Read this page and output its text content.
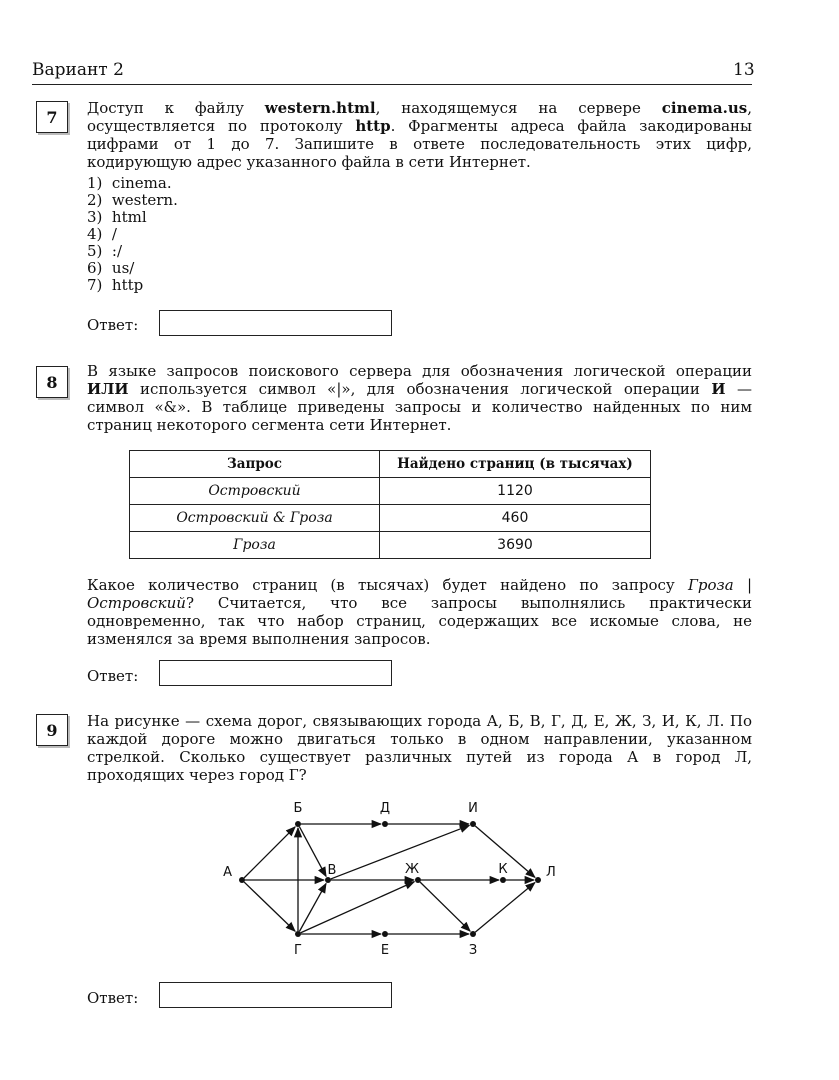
Вариант 2	13
7	Доступ к файлу western.html, находящемуся на сервере cinema.us, осуществляется по протоколу http. Фрагменты адреса файла закодированы цифрами от 1 до 7. Запишите в ответе последовательность этих цифр, кодирующую адрес указанного файла в сети Интернет.
1)  cinema.
2)  western.
3)  html
4)  /
5)  :/
6)  us/
7)  http
Ответ:
8
В языке запросов поискового сервера для обозначения логической операции ИЛИ используется символ «|», для обозначения логической операции И — символ «&». В таблице приведены запросы и количество найденных по ним страниц некоторого сегмента сети Интернет.
Запрос	Найдено страниц (в тысячах)
Островский	1120
Островский & Гроза	460
Гроза	3690
Какое количество страниц (в тысячах) будет найдено по запросу Гроза | Островский? Считается, что все запросы выполнялись практически одновременно, так что набор страниц, содержащих все искомые слова, не изменялся за время выполнения запросов.
Ответ:
9	На рисунке — схема дорог, связывающих города А, Б, В, Г, Д, Е, Ж, З, И, К, Л. По каждой дороге можно двигаться только в одном направлении, указанном стрелкой. Сколько существует различных путей из города А в город Л, проходящих через город Г?
А
Б
В
Г
Д
Е
Ж
З
И
К	Л
Ответ:
